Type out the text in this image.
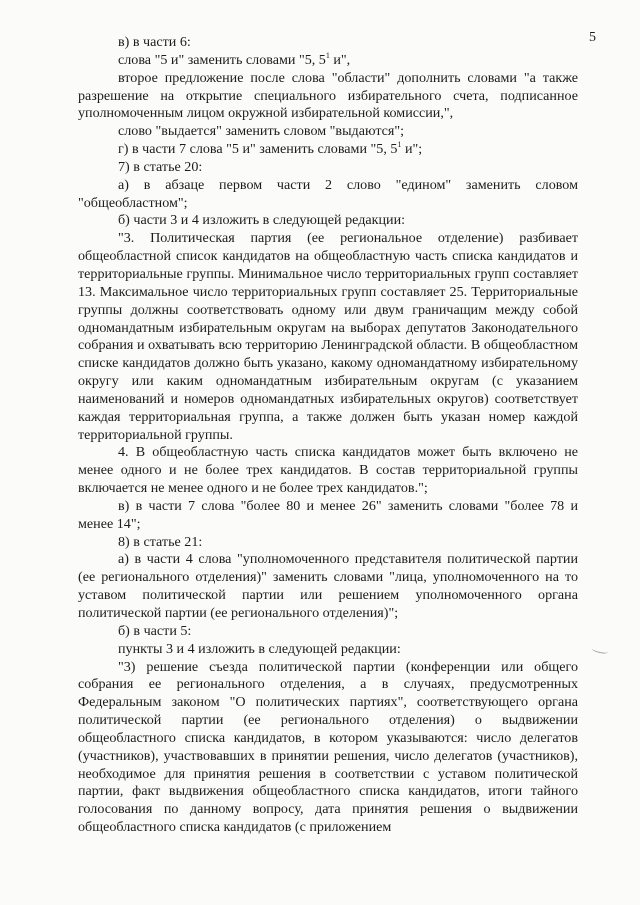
5

в) в части 6:

слова "5 и" заменить словами "5, $5^1$ и",

второе предложение после слова "области" дополнить словами "а также разрешение на открытие специального избирательного счета, подписанное уполномоченным лицом окружной избирательной комиссии,",

слово "выдается" заменить словом "выдаются";

г) в части 7 слова "5 и" заменить словами "5, $5^1$ и";

7) в статье 20:

а) в абзаце первом части 2 слово "едином" заменить словом "общеобластном";

б) части 3 и 4 изложить в следующей редакции:

"3. Политическая партия (ее региональное отделение) разбивает общеобластной список кандидатов на общеобластную часть списка кандидатов и территориальные группы. Минимальное число территориальных групп составляет 13. Максимальное число территориальных групп составляет 25. Территориальные группы должны соответствовать одному или двум граничащим между собой одномандатным избирательным округам на выборах депутатов Законодательного собрания и охватывать всю территорию Ленинградской области. В общеобластном списке кандидатов должно быть указано, какому одномандатному избирательному округу или каким одномандатным избирательным округам (с указанием наименований и номеров одномандатных избирательных округов) соответствует каждая территориальная группа, а также должен быть указан номер каждой территориальной группы.

4. В общеобластную часть списка кандидатов может быть включено не менее одного и не более трех кандидатов. В состав территориальной группы включается не менее одного и не более трех кандидатов.";

в) в части 7 слова "более 80 и менее 26" заменить словами "более 78 и менее 14";

8) в статье 21:

а) в части 4 слова "уполномоченного представителя политической партии (ее регионального отделения)" заменить словами "лица, уполномоченного на то уставом политической партии или решением уполномоченного органа политической партии (ее регионального отделения)";

б) в части 5:

пункты 3 и 4 изложить в следующей редакции:

"3) решение съезда политической партии (конференции или общего собрания ее регионального отделения, а в случаях, предусмотренных Федеральным законом "О политических партиях", соответствующего органа политической партии (ее регионального отделения) о выдвижении общеобластного списка кандидатов, в котором указываются: число делегатов (участников), участвовавших в принятии решения, число делегатов (участников), необходимое для принятия решения в соответствии с уставом политической партии, факт выдвижения общеобластного списка кандидатов, итоги тайного голосования по данному вопросу, дата принятия решения о выдвижении общеобластного списка кандидатов (с приложением
